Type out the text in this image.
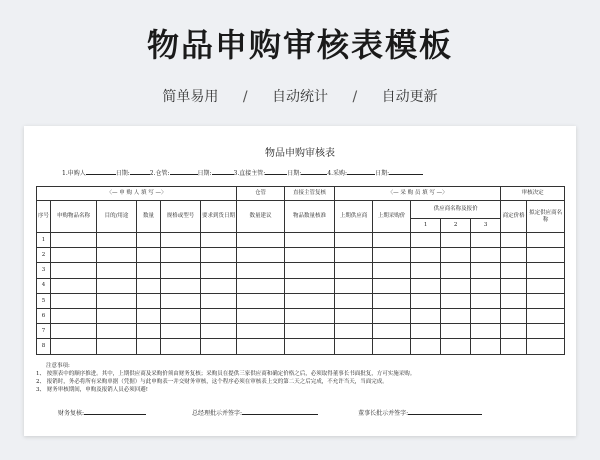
物品申购审核表模板
简单易用 / 自动统计 / 自动更新
物品申购审核表
1.申购人	日期:	2.仓管:	日期:	3.直接主管:	日期:	4.采购:	日期:
〈— 申 购 人 填 写 —〉						仓管	直接主管复核	〈— 采 购 员 填 写 —〉					审核决定	
序号	申购物品名称	目的/用途	数量	规格或型号	要求到货日期	数量建议	物品数量核准	上期供应商	上期采购价	供应商名称及报价			商定价格	拟定供应商名称
										1	2	3		
1														
2														
3														
4														
5														
6														
7														
8														
注意事项:
1、 按照表中的顺序推进。其中，上期供应商及采购价须由财务复核；采购员在提供三家供应商和确定价格之后，必须取得董事长书面批复，方可实施采购。
2、 报销时，务必将所有采购单据（凭据）与此申购表一并交财务审核，这个程序必须在审核表上交的第二天之后完成，不允许当天，当面完成。
3、 财务审核期间，申购及报销人员必须回避!
财务复核:	总经理批示并签字:	董事长批示并签字:
